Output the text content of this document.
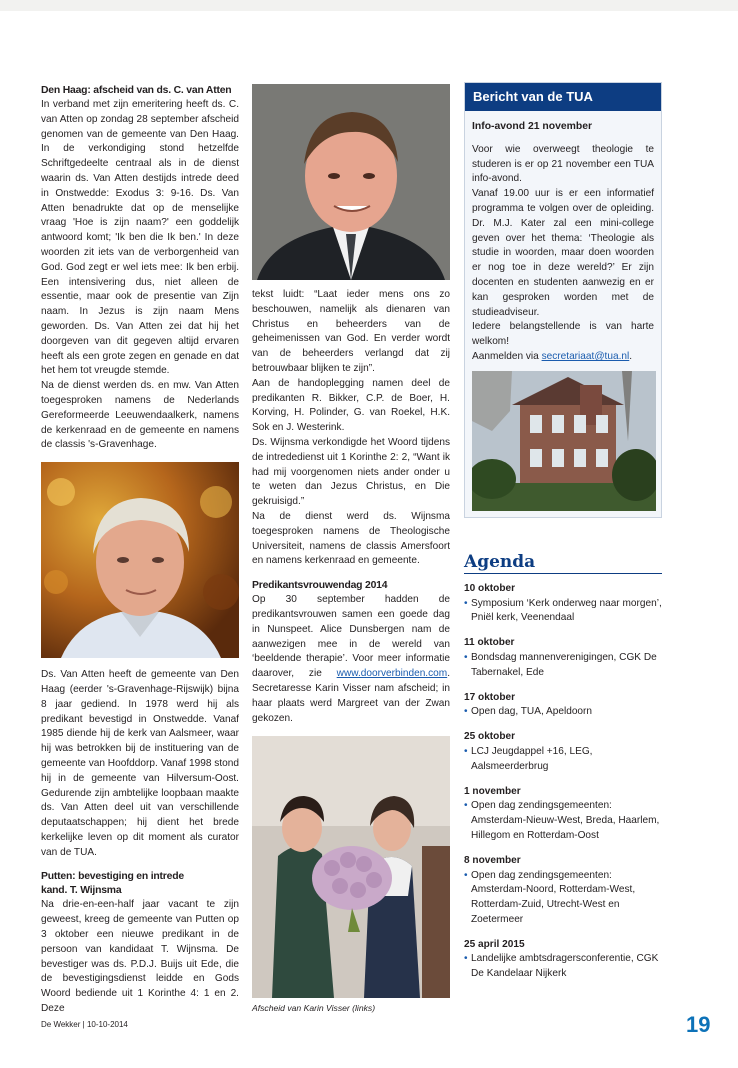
Den Haag: afscheid van ds. C. van Atten

In verband met zijn emeritering heeft ds. C. van Atten op zondag 28 september afscheid genomen van de gemeente van Den Haag. In de verkondiging stond hetzelfde Schriftgedeelte centraal als in de dienst waarin ds. Van Atten destijds intrede deed in Onstwedde: Exodus 3: 9-16. Ds. Van Atten benadrukte dat op de menselijke vraag 'Hoe is zijn naam?' een goddelijk antwoord komt; 'Ik ben die Ik ben.' In deze woorden zit iets van de verborgenheid van God. God zegt er wel iets mee: Ik ben erbij. Een intensivering dus, niet alleen de essentie, maar ook de presentie van Zijn naam. In Jezus is zijn naam Mens geworden. Ds. Van Atten zei dat hij het doorgeven van dit gegeven altijd ervaren heeft als een grote zegen en genade en dat het hem tot vreugde stemde.

Na de dienst werden ds. en mw. Van Atten toegesproken namens de Nederlands Gereformeerde Leeuwendaalkerk, namens de kerkenraad en de gemeente en namens de classis 's-Gravenhage.

Ds. Van Atten heeft de gemeente van Den Haag (eerder 's-Gravenhage-Rijswijk) bijna 8 jaar gediend. In 1978 werd hij als predikant bevestigd in Onstwedde. Vanaf 1985 diende hij de kerk van Aalsmeer, waar hij was betrokken bij de instituering van de gemeente van Hoofddorp. Vanaf 1998 stond hij in de gemeente van Hilversum-Oost. Gedurende zijn ambtelijke loopbaan maakte ds. Van Atten deel uit van verschillende deputaatschappen; hij dient het brede kerkelijke leven op dit moment als curator van de TUA.

Putten: bevestiging en intrede
kand. T. Wijnsma

Na drie-en-een-half jaar vacant te zijn geweest, kreeg de gemeente van Putten op 3 oktober een nieuwe predikant in de persoon van kandidaat T. Wijnsma. De bevestiger was ds. P.D.J. Buijs uit Ede, die de bevestigingsdienst leidde en Gods Woord bediende uit 1 Korinthe 4: 1 en 2. Deze

tekst luidt: “Laat ieder mens ons zo beschouwen, namelijk als dienaren van Christus en beheerders van de geheimenissen van God. En verder wordt van de beheerders verlangd dat zij betrouwbaar blijken te zijn”.

Aan de handoplegging namen deel de predikanten R. Bikker, C.P. de Boer, H. Korving, H. Polinder, G. van Roekel, H.K. Sok en J. Westerink.

Ds. Wijnsma verkondigde het Woord tijdens de intrededienst uit 1 Korinthe 2: 2, “Want ik had mij voorgenomen niets ander onder u te weten dan Jezus Christus, en Die gekruisigd.”

Na de dienst werd ds. Wijnsma toegesproken namens de Theologische Universiteit, namens de classis Amersfoort en namens kerkenraad en gemeente.

Predikantsvrouwendag 2014

Op 30 september hadden de predikantsvrouwen samen een goede dag in Nunspeet. Alice Dunsbergen nam de aanwezigen mee in de wereld van ‘beeldende therapie’. Voor meer informatie daarover, zie www.doorverbinden.com. Secretaresse Karin Visser nam afscheid; in haar plaats werd Margreet van der Zwan gekozen.

Afscheid van Karin Visser (links)
Bericht van de TUA
Info-avond 21 november

Voor wie overweegt theologie te studeren is er op 21 november een TUA info-avond.

Vanaf 19.00 uur is er een informatief programma te volgen over de opleiding. Dr. M.J. Kater zal een mini-college geven over het thema: ‘Theologie als studie in woorden, maar doen woorden er nog toe in deze wereld?’ Er zijn docenten en studenten aanwezig en er kan gesproken worden met de studieadviseur.

Iedere belangstellende is van harte welkom!

Aanmelden via secretariaat@tua.nl.

Agenda
10 oktober
• Symposium ‘Kerk onderweg naar morgen’, Pniël kerk, Veenendaal
11 oktober
• Bondsdag mannenverenigingen, CGK De Tabernakel, Ede
17 oktober
• Open dag, TUA, Apeldoorn
25 oktober
• LCJ Jeugdappel +16, LEG, Aalsmeerderbrug
1 november
• Open dag zendingsgemeenten: Amsterdam-Nieuw-West, Breda, Haarlem, Hillegom en Rotterdam-Oost
8 november
• Open dag zendingsgemeenten: Amsterdam-Noord, Rotterdam-West, Rotterdam-Zuid, Utrecht-West en Zoetermeer
25 april 2015
• Landelijke ambtsdragersconferentie, CGK De Kandelaar Nijkerk
De Wekker | 10-10-2014	19
